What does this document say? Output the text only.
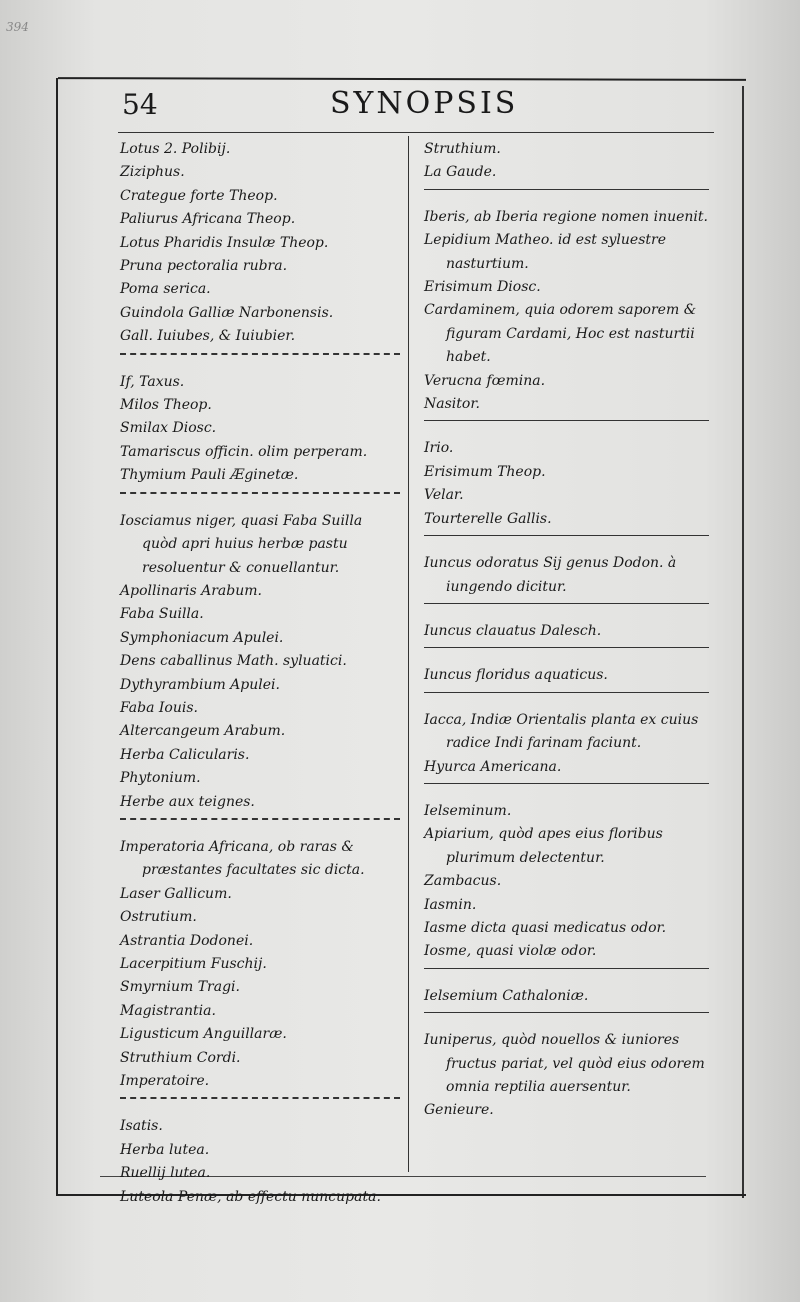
394
54	SYNOPSIS
Lotus 2. Polibij.
Ziziphus.
Crategue forte Theop.
Paliurus Africana Theop.
Lotus Pharidis Insulæ Theop.
Pruna pectoralia rubra.
Poma serica.
Guindola Galliæ Narbonensis.
Gall. Iuiubes, & Iuiubier.
If, Taxus.
Milos Theop.
Smilax Diosc.
Tamariscus officin. olim perperam.
Thymium Pauli Æginetæ.
Iosciamus niger, quasi Faba Suilla quòd apri huius herbæ pastu resoluentur & conuellantur.
Apollinaris Arabum.
Faba Suilla.
Symphoniacum Apulei.
Dens caballinus Math. syluatici.
Dythyrambium Apulei.
Faba Iouis.
Altercangeum Arabum.
Herba Calicularis.
Phytonium.
Herbe aux teignes.
Imperatoria Africana, ob raras & præstantes facultates sic dicta.
Laser Gallicum.
Ostrutium.
Astrantia Dodonei.
Lacerpitium Fuschij.
Smyrnium Tragi.
Magistrantia.
Ligusticum Anguillaræ.
Struthium Cordi.
Imperatoire.
Isatis.
Herba lutea.
Ruellij lutea.
Luteola Penæ, ab effectu nuncupata.
Struthium.
La Gaude.
Iberis, ab Iberia regione nomen inuenit.
Lepidium Matheo. id est syluestre nasturtium.
Erisimum Diosc.
Cardaminem, quia odorem saporem & figuram Cardami, Hoc est nasturtii habet.
Verucna fœmina.
Nasitor.
Irio.
Erisimum Theop.
Velar.
Tourterelle Gallis.
Iuncus odoratus Sij genus Dodon. à iungendo dicitur.
Iuncus clauatus Dalesch.
Iuncus floridus aquaticus.
Iacca, Indiæ Orientalis planta ex cuius radice Indi farinam faciunt.
Hyurca Americana.
Ielseminum.
Apiarium, quòd apes eius floribus plurimum delectentur.
Zambacus.
Iasmin.
Iasme dicta quasi medicatus odor.
Iosme, quasi violæ odor.
Ielsemium Cathaloniæ.
Iuniperus, quòd nouellos & iuniores fructus pariat, vel quòd eius odorem omnia reptilia auersentur.
Genieure.
